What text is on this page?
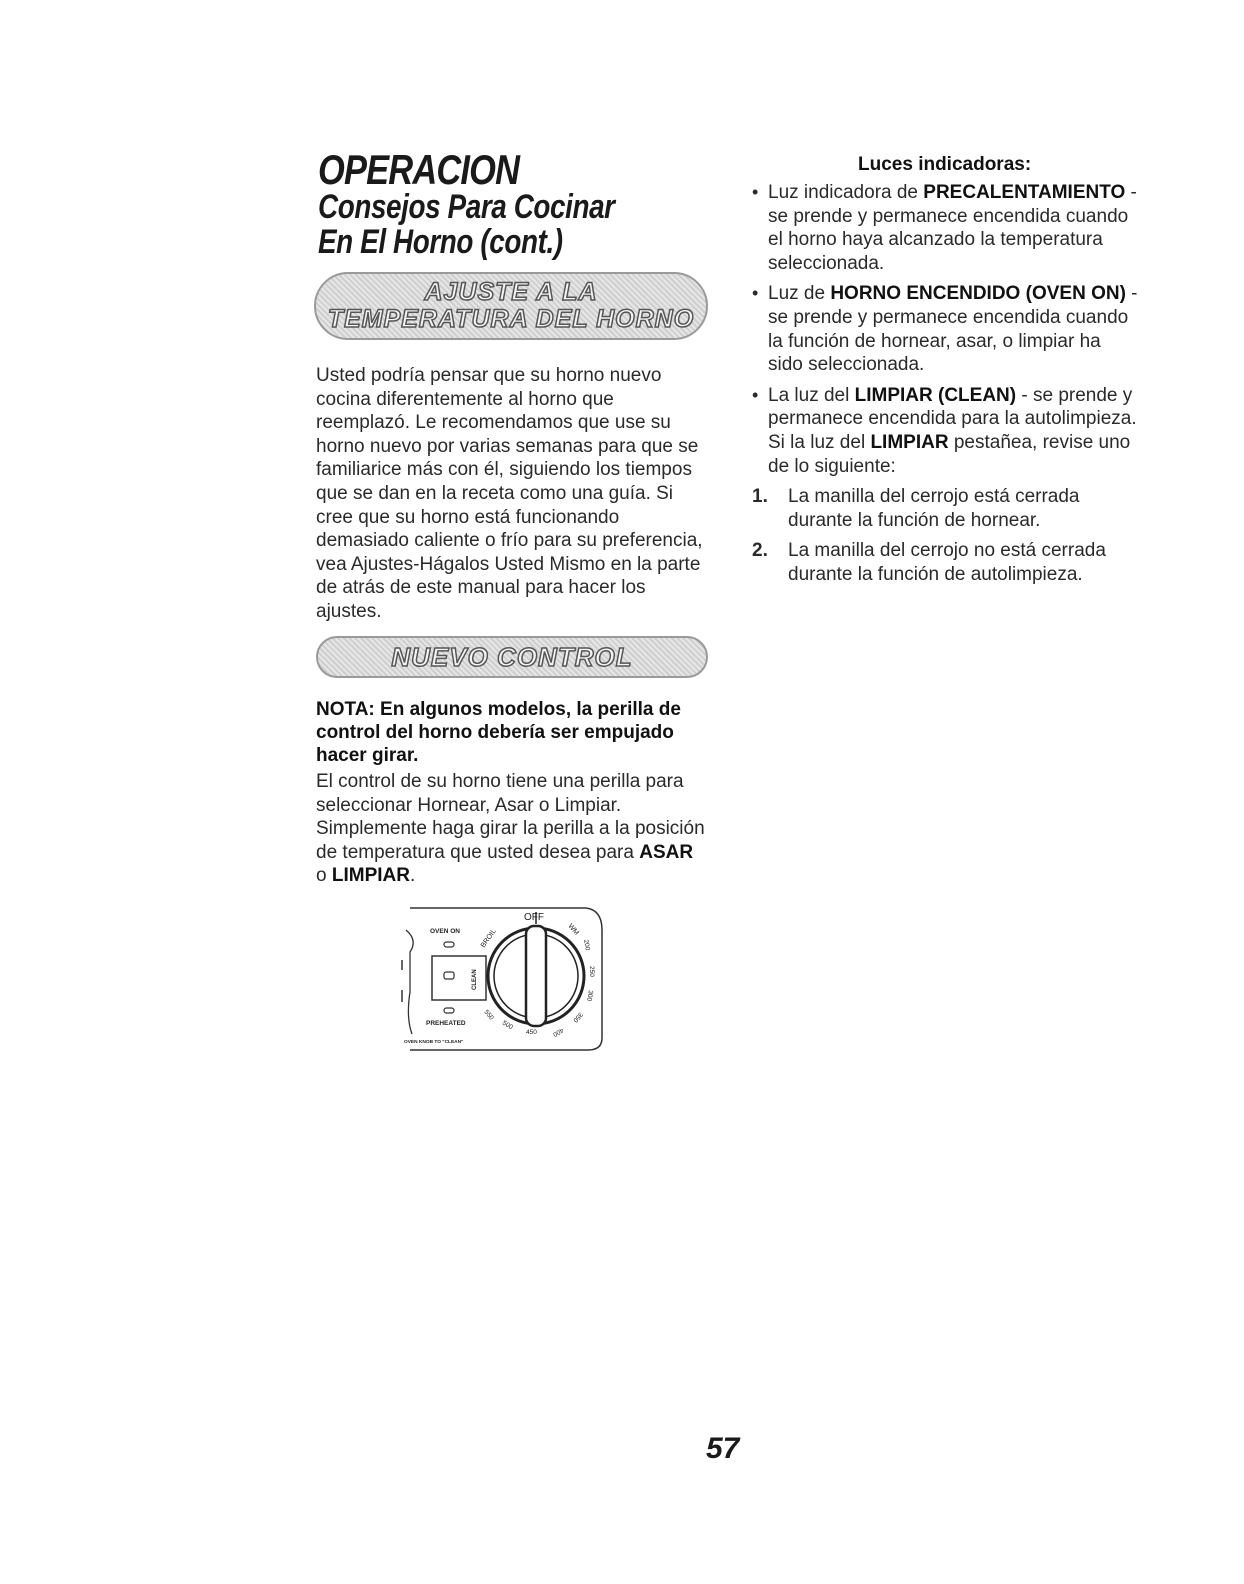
OPERACION
Consejos Para Cocinar
En El Horno (cont.)
AJUSTE A LA
TEMPERATURA DEL HORNO
Usted podría pensar que su horno nuevo cocina diferentemente al horno que reemplazó. Le recomendamos que use su horno nuevo por varias semanas para que se familiarice más con él, siguiendo los tiempos que se dan en la receta como una guía. Si cree que su horno está funcionando demasiado caliente o frío para su preferencia, vea Ajustes-Hágalos Usted Mismo en la parte de atrás de este manual para hacer los ajustes.
NUEVO CONTROL
NOTA: En algunos modelos, la perilla de control del horno debería ser empujado hacer girar.
El control de su horno tiene una perilla para seleccionar Hornear, Asar o Limpiar. Simplemente haga girar la perilla a la posición de temperatura que usted desea para ASAR o LIMPIAR.
OVEN ON
CLEAN
PREHEATED
OVEN KNOB TO "CLEAN"
OFF
BROIL	WM
200
250
300
350
400
450
500
550
Luces indicadoras:
• Luz indicadora de PRECALENTAMIENTO - se prende y permanece encendida cuando el horno haya alcanzado la temperatura seleccionada.
• Luz de HORNO ENCENDIDO (OVEN ON) - se prende y permanece encendida cuando la función de hornear, asar, o limpiar ha sido seleccionada.
• La luz del LIMPIAR (CLEAN) - se prende y permanece encendida para la autolimpieza. Si la luz del LIMPIAR pestañea, revise uno de lo siguiente:
1. La manilla del cerrojo está cerrada durante la función de hornear.
2. La manilla del cerrojo no está cerrada durante la función de autolimpieza.
57
